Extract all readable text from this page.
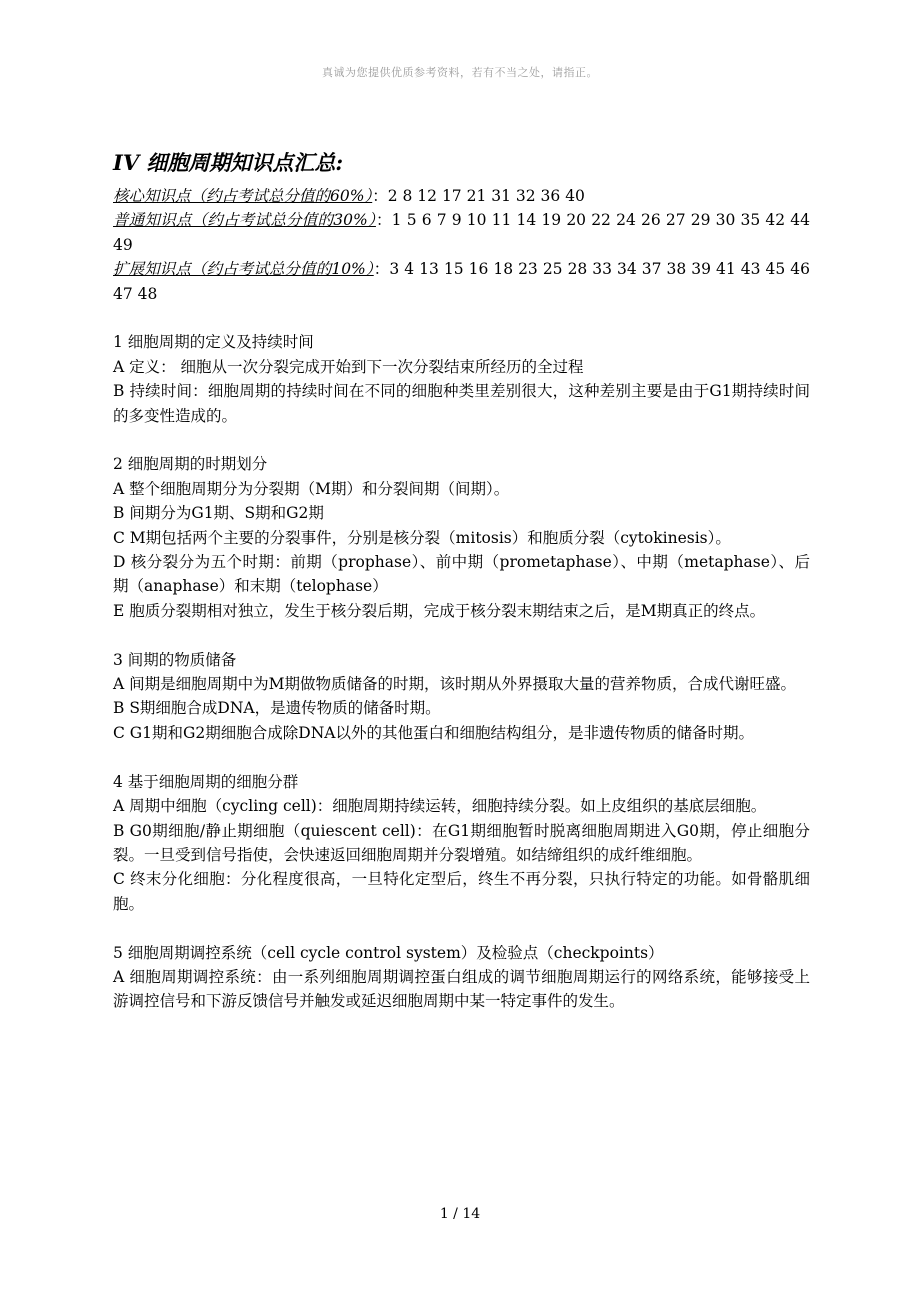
真诚为您提供优质参考资料，若有不当之处，请指正。
IV 细胞周期知识点汇总:

核心知识点（约占考试总分值的60%）：2 8 12 17 21 31 32 36 40

普通知识点（约占考试总分值的30%）：1 5 6 7 9 10 11 14 19 20 22 24 26 27 29 30 35 42 44 49

扩展知识点（约占考试总分值的10%）：3 4 13 15 16 18 23 25 28 33 34 37 38 39 41 43 45 46 47 48

1 细胞周期的定义及持续时间

A 定义： 细胞从一次分裂完成开始到下一次分裂结束所经历的全过程

B 持续时间：细胞周期的持续时间在不同的细胞种类里差别很大，这种差别主要是由于G1期持续时间的多变性造成的。

2 细胞周期的时期划分

A 整个细胞周期分为分裂期（M期）和分裂间期（间期）。

B 间期分为G1期、S期和G2期

C M期包括两个主要的分裂事件，分别是核分裂（mitosis）和胞质分裂（cytokinesis）。

D 核分裂分为五个时期：前期（prophase）、前中期（prometaphase）、中期（metaphase）、后期（anaphase）和末期（telophase）

E 胞质分裂期相对独立，发生于核分裂后期，完成于核分裂末期结束之后，是M期真正的终点。

3 间期的物质储备

A 间期是细胞周期中为M期做物质储备的时期，该时期从外界摄取大量的营养物质，合成代谢旺盛。

B S期细胞合成DNA，是遗传物质的储备时期。

C G1期和G2期细胞合成除DNA以外的其他蛋白和细胞结构组分，是非遗传物质的储备时期。

4 基于细胞周期的细胞分群

A 周期中细胞（cycling cell)：细胞周期持续运转，细胞持续分裂。如上皮组织的基底层细胞。

B G0期细胞/静止期细胞（quiescent cell)：在G1期细胞暂时脱离细胞周期进入G0期，停止细胞分裂。一旦受到信号指使，会快速返回细胞周期并分裂增殖。如结缔组织的成纤维细胞。

C 终末分化细胞：分化程度很高，一旦特化定型后，终生不再分裂，只执行特定的功能。如骨骼肌细胞。

5 细胞周期调控系统（cell cycle control system）及检验点（checkpoints）

A 细胞周期调控系统：由一系列细胞周期调控蛋白组成的调节细胞周期运行的网络系统，能够接受上游调控信号和下游反馈信号并触发或延迟细胞周期中某一特定事件的发生。

1 / 14
